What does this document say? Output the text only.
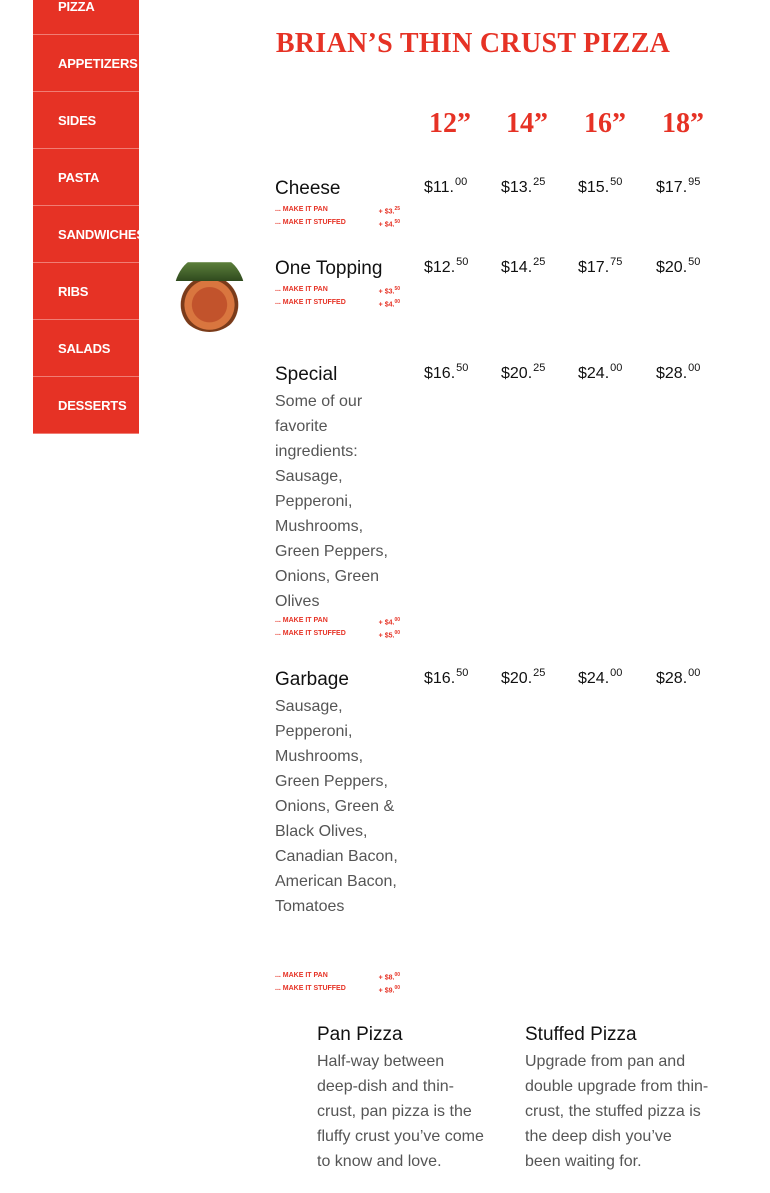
PIZZA
APPETIZERS
SIDES
PASTA
SANDWICHES
RIBS
SALADS
DESSERTS
BRIAN’S THIN CRUST PIZZA
12”	14”	16”	18”
Cheese
... MAKE IT PAN	+ $3.25
... MAKE IT STUFFED	+ $4.50
$11.00 $13.25 $15.50 $17.95
One Topping
... MAKE IT PAN	+ $3.50
... MAKE IT STUFFED	+ $4.00
$12.50 $14.25 $17.75 $20.50
Special
Some of our favorite ingredients: Sausage, Pepperoni, Mushrooms, Green Peppers, Onions, Green Olives
... MAKE IT PAN	+ $4.00
... MAKE IT STUFFED	+ $5.00
$16.50 $20.25 $24.00 $28.00
Garbage
Sausage, Pepperoni, Mushrooms, Green Peppers, Onions, Green & Black Olives, Canadian Bacon, American Bacon, Tomatoes
... MAKE IT PAN	+ $8.00
... MAKE IT STUFFED	+ $9.00
$16.50 $20.25 $24.00 $28.00
Pan Pizza
Half-way between deep-dish and thin-crust, pan pizza is the fluffy crust you’ve come to know and love.
Stuffed Pizza
Upgrade from pan and double upgrade from thin-crust, the stuffed pizza is the deep dish you’ve been waiting for.
